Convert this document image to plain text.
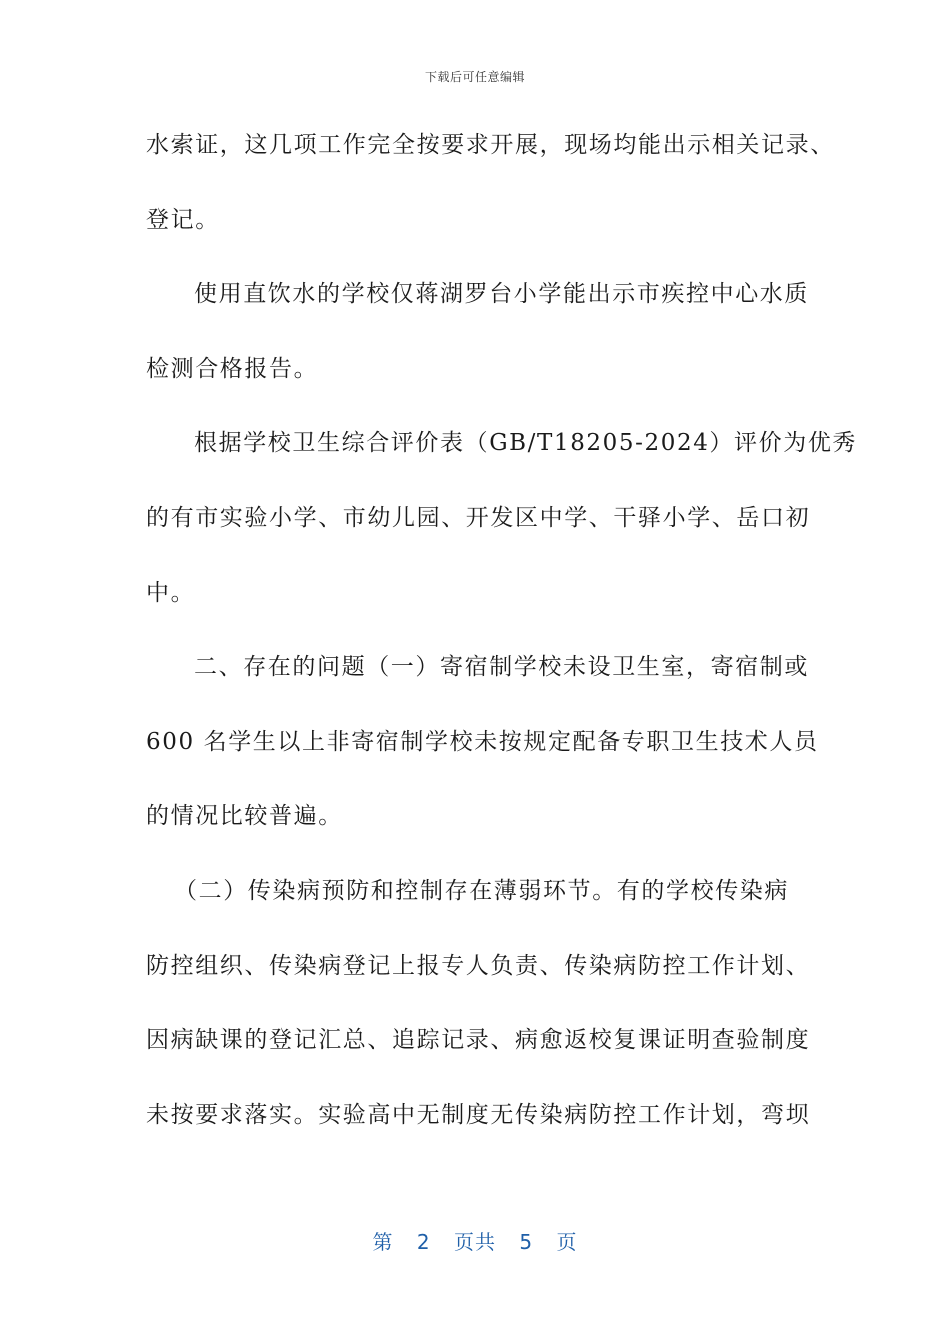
下载后可任意编辑
水索证，这几项工作完全按要求开展，现场均能出示相关记录、
登记。
使用直饮水的学校仅蒋湖罗台小学能出示市疾控中心水质
检测合格报告。
根据学校卫生综合评价表（GB/T18205-2024）评价为优秀
的有市实验小学、市幼儿园、开发区中学、干驿小学、岳口初
中。
二、存在的问题（一）寄宿制学校未设卫生室，寄宿制或
600 名学生以上非寄宿制学校未按规定配备专职卫生技术人员
的情况比较普遍。
（二）传染病预防和控制存在薄弱环节。有的学校传染病
防控组织、传染病登记上报专人负责、传染病防控工作计划、
因病缺课的登记汇总、追踪记录、病愈返校复课证明查验制度
未按要求落实。实验高中无制度无传染病防控工作计划，弯坝
第 2 页共 5 页
